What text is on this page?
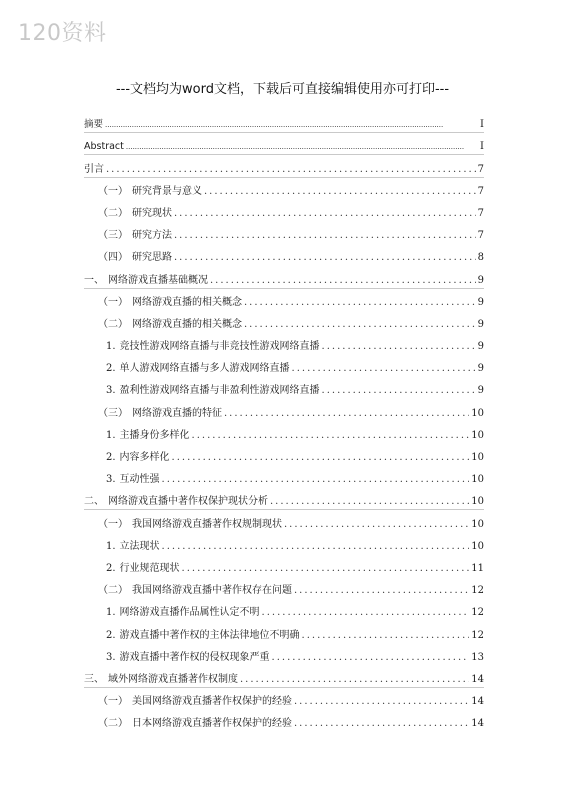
120资料
---文档均为word文档，下载后可直接编辑使用亦可打印---
摘要 .....	I
Abstract .....	I
引言 .....	7
（一） 研究背景与意义 .....	7
（二） 研究现状 .....	7
（三） 研究方法 .....	7
（四） 研究思路 .....	8
一、 网络游戏直播基础概况 .....	9
（一） 网络游戏直播的相关概念 .....	9
（二） 网络游戏直播的相关概念 .....	9
1. 竞技性游戏网络直播与非竞技性游戏网络直播 .....	9
2. 单人游戏网络直播与多人游戏网络直播 .....	9
3. 盈利性游戏网络直播与非盈利性游戏网络直播 .....	9
（三） 网络游戏直播的特征 .....	10
1. 主播身份多样化 .....	10
2. 内容多样化 .....	10
3. 互动性强 .....	10
二、 网络游戏直播中著作权保护现状分析 .....	10
（一） 我国网络游戏直播著作权规制现状 .....	10
1. 立法现状 .....	10
2. 行业规范现状 .....	11
（二） 我国网络游戏直播中著作权存在问题 .....	12
1. 网络游戏直播作品属性认定不明 .....	12
2. 游戏直播中著作权的主体法律地位不明确 .....	12
3. 游戏直播中著作权的侵权现象严重 .....	13
三、 域外网络游戏直播著作权制度 .....	14
（一） 美国网络游戏直播著作权保护的经验 .....	14
（二） 日本网络游戏直播著作权保护的经验 .....	14
